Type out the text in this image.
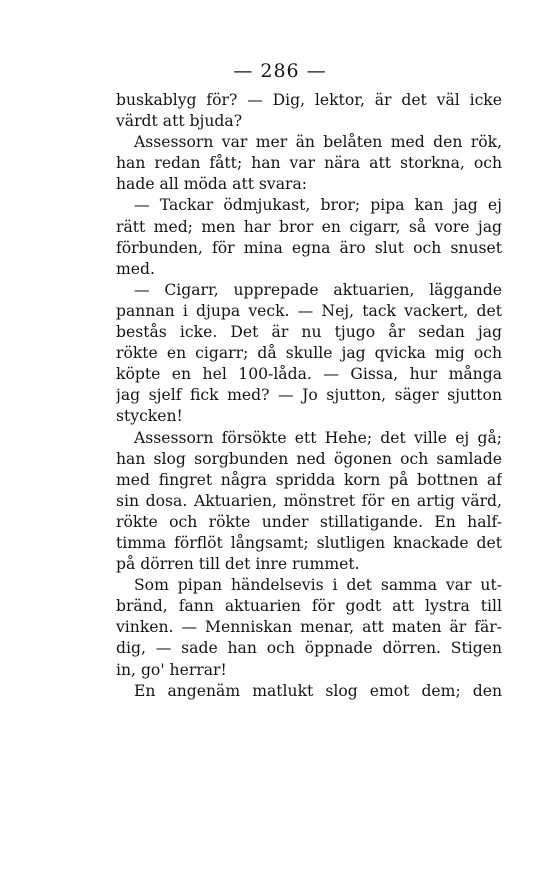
— 286 —
buskablyg för? — Dig, lektor, är det väl icke
värdt att bjuda?
Assessorn var mer än belåten med den rök,
han redan fått; han var nära att storkna, och
hade all möda att svara:
— Tackar ödmjukast, bror; pipa kan jag ej
rätt med; men har bror en cigarr, så vore jag
förbunden, för mina egna äro slut och snuset
med.
— Cigarr, upprepade aktuarien, läggande
pannan i djupa veck. — Nej, tack vackert, det
bestås icke. Det är nu tjugo år sedan jag
rökte en cigarr; då skulle jag qvicka mig och
köpte en hel 100-låda. — Gissa, hur många
jag sjelf fick med? — Jo sjutton, säger sjutton
stycken!
Assessorn försökte ett Hehe; det ville ej gå;
han slog sorgbunden ned ögonen och samlade
med fingret några spridda korn på bottnen af
sin dosa. Aktuarien, mönstret för en artig värd,
rökte och rökte under stillatigande. En half-
timma förflöt långsamt; slutligen knackade det
på dörren till det inre rummet.
Som pipan händelsevis i det samma var ut-
bränd, fann aktuarien för godt att lystra till
vinken. — Menniskan menar, att maten är fär-
dig, — sade han och öppnade dörren. Stigen
in, go' herrar!
En angenäm matlukt slog emot dem; den
